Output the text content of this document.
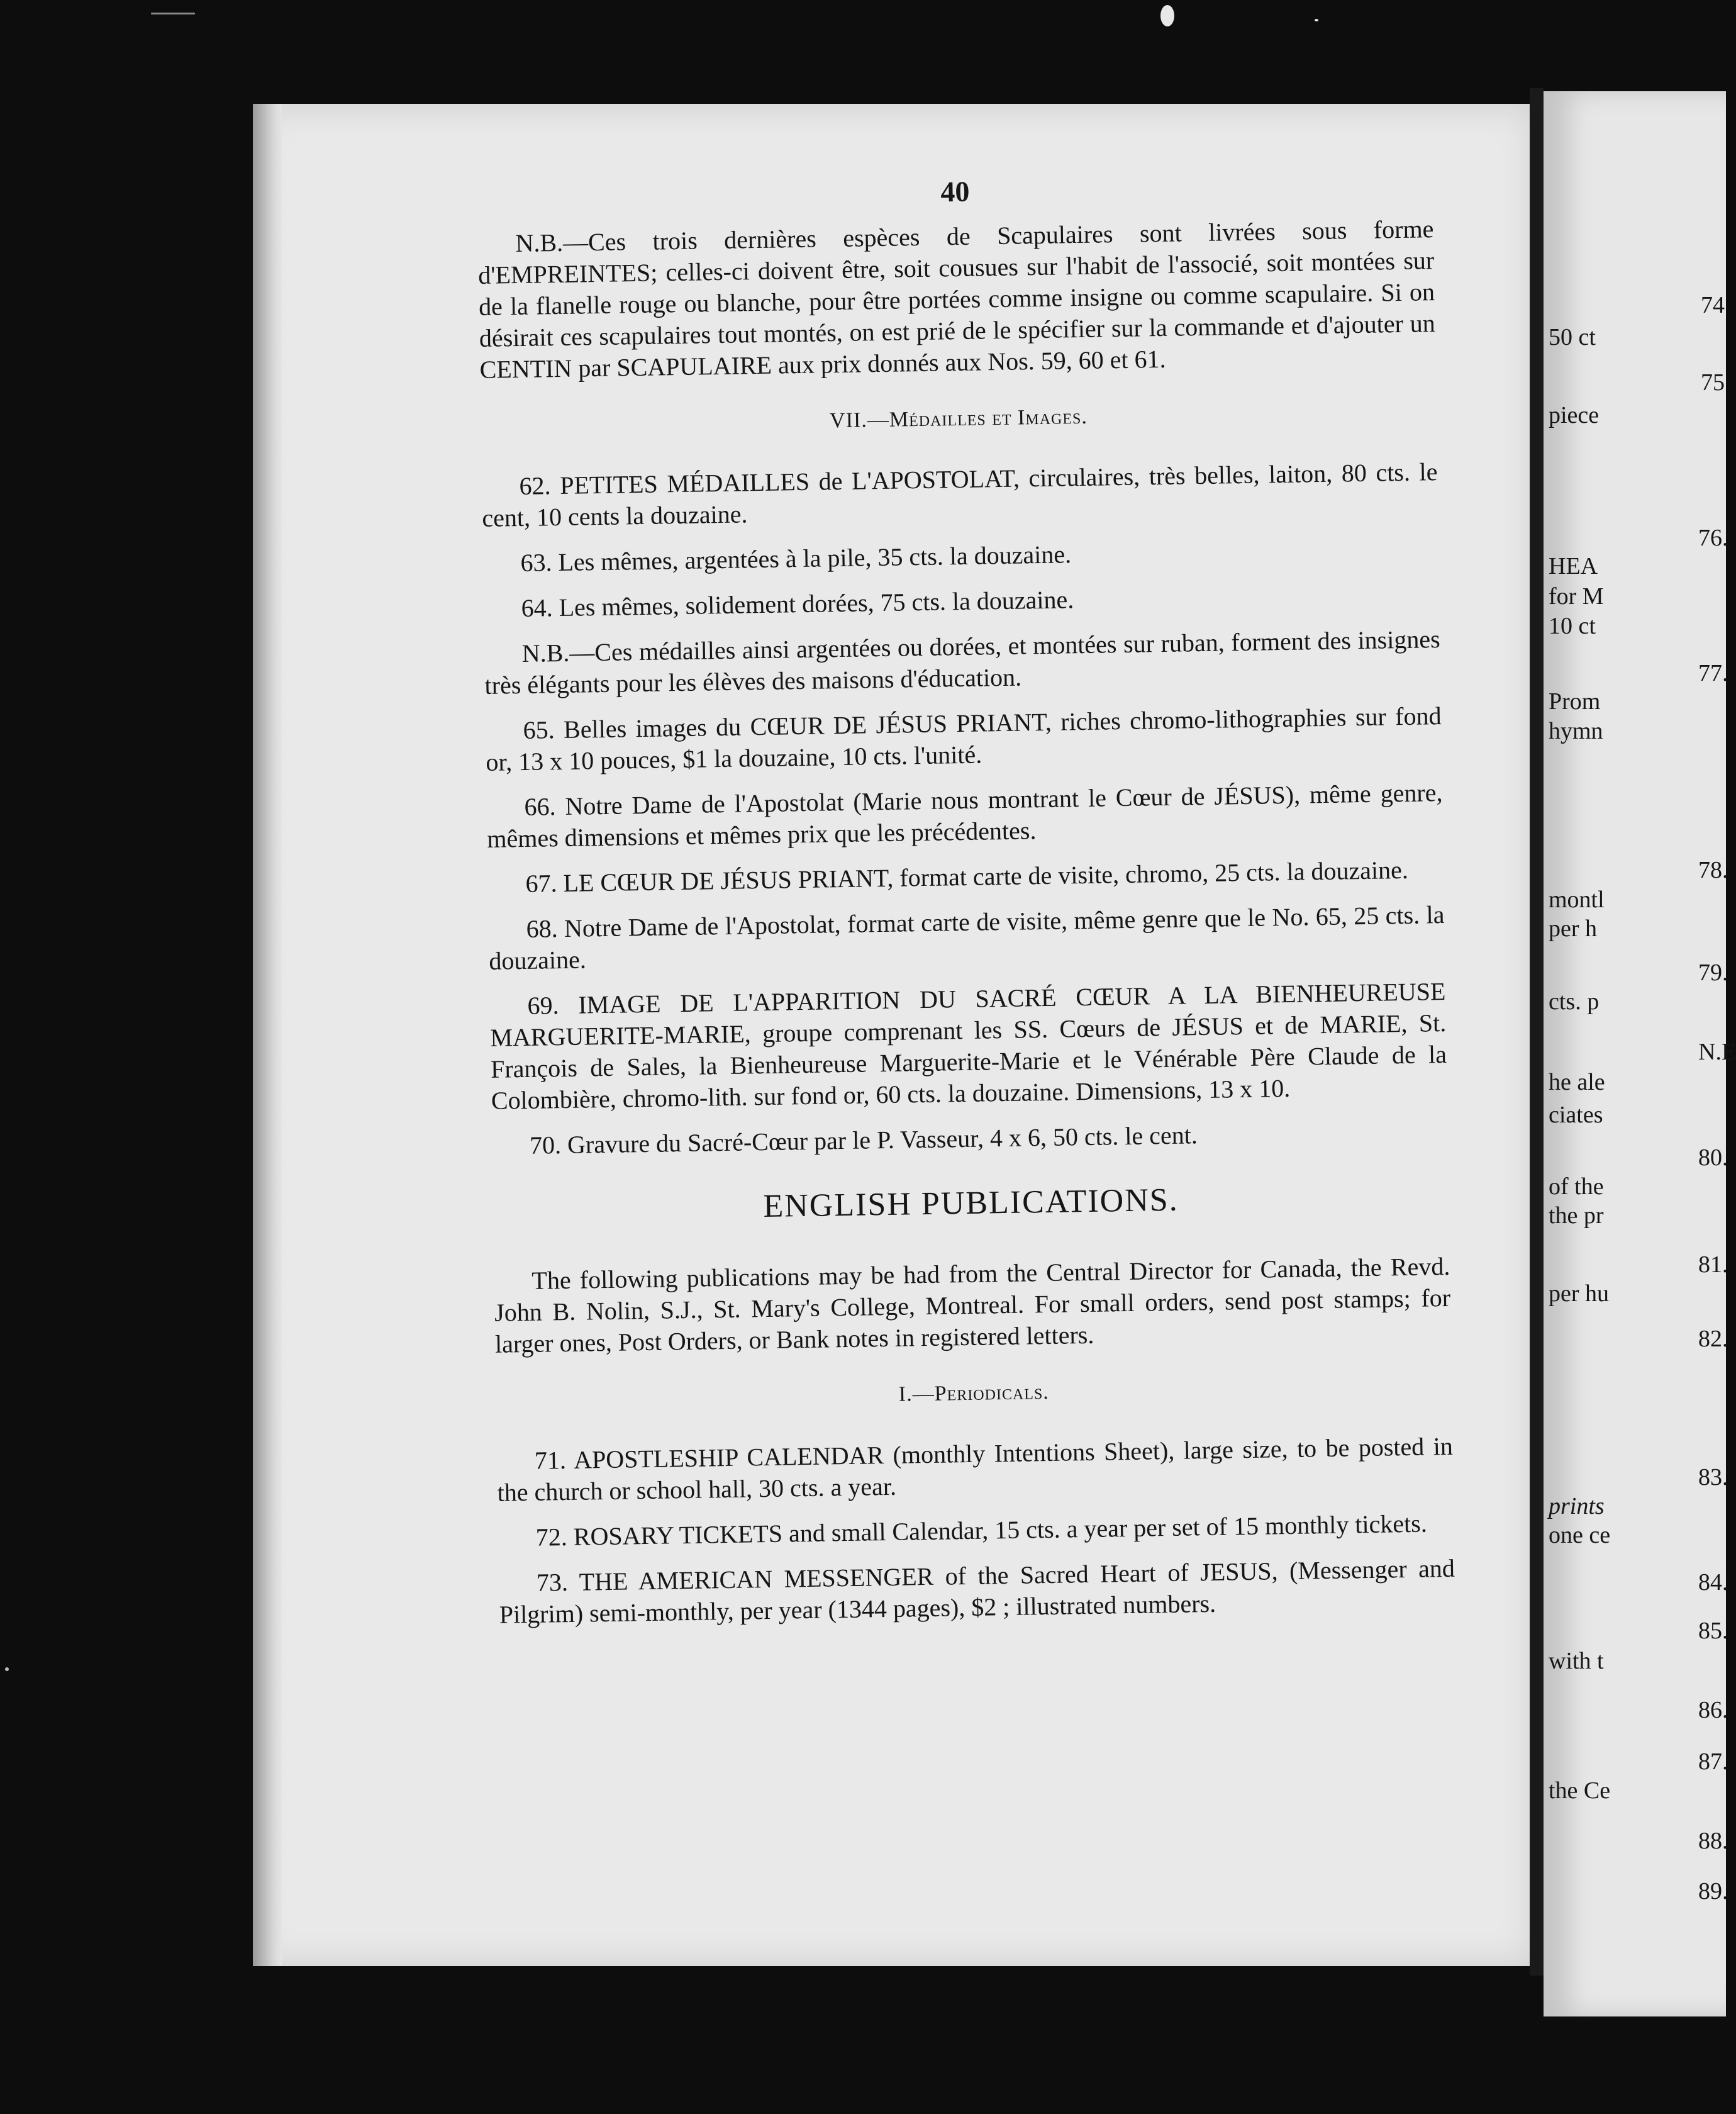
40

N.B.—Ces trois dernières espèces de Scapulaires sont livrées sous forme d'EMPREINTES; celles-ci doivent être, soit cousues sur l'habit de l'associé, soit montées sur de la flanelle rouge ou blanche, pour être portées comme insigne ou comme scapulaire. Si on désirait ces scapulaires tout montés, on est prié de le spécifier sur la commande et d'ajouter un CENTIN par SCAPULAIRE aux prix donnés aux Nos. 59, 60 et 61.

VII.—Médailles et Images.

62. PETITES MÉDAILLES de L'APOSTOLAT, circulaires, très belles, laiton, 80 cts. le cent, 10 cents la douzaine.

63. Les mêmes, argentées à la pile, 35 cts. la douzaine.

64. Les mêmes, solidement dorées, 75 cts. la douzaine.

N.B.—Ces médailles ainsi argentées ou dorées, et montées sur ruban, forment des insignes très élégants pour les élèves des maisons d'éducation.

65. Belles images du CŒUR DE JÉSUS PRIANT, riches chromo-lithographies sur fond or, 13 x 10 pouces, $1 la douzaine, 10 cts. l'unité.

66. Notre Dame de l'Apostolat (Marie nous montrant le Cœur de JÉSUS), même genre, mêmes dimensions et mêmes prix que les précédentes.

67. LE CŒUR DE JÉSUS PRIANT, format carte de visite, chromo, 25 cts. la douzaine.

68. Notre Dame de l'Apostolat, format carte de visite, même genre que le No. 65, 25 cts. la douzaine.

69. IMAGE DE L'APPARITION DU SACRÉ CŒUR A LA BIENHEUREUSE MARGUERITE-MARIE, groupe comprenant les SS. Cœurs de JÉSUS et de MARIE, St. François de Sales, la Bienheureuse Marguerite-Marie et le Vénérable Père Claude de la Colombière, chromo-lith. sur fond or, 60 cts. la douzaine. Dimensions, 13 x 10.

70. Gravure du Sacré-Cœur par le P. Vasseur, 4 x 6, 50 cts. le cent.

ENGLISH PUBLICATIONS.

The following publications may be had from the Central Director for Canada, the Revd. John B. Nolin, S.J., St. Mary's College, Montreal. For small orders, send post stamps; for larger ones, Post Orders, or Bank notes in registered letters.

I.—Periodicals.

71. APOSTLESHIP CALENDAR (monthly Intentions Sheet), large size, to be posted in the church or school hall, 30 cts. a year.

72. ROSARY TICKETS and small Calendar, 15 cts. a year per set of 15 monthly tickets.

73. THE AMERICAN MESSENGER of the Sacred Heart of JESUS, (Messenger and Pilgrim) semi-monthly, per year (1344 pages), $2 ; illustrated numbers.

74
50 ct
75
piece
76.
HEA
for M
10 ct
77.
Prom
hymn
78.
montl
per h
79.
cts. p
N.E
he ale
ciates
80.
of the
the pr
81.
per hu
82.
83.
prints
one ce
84.
85.
with t
86.
87.
the Ce
88.
89.
